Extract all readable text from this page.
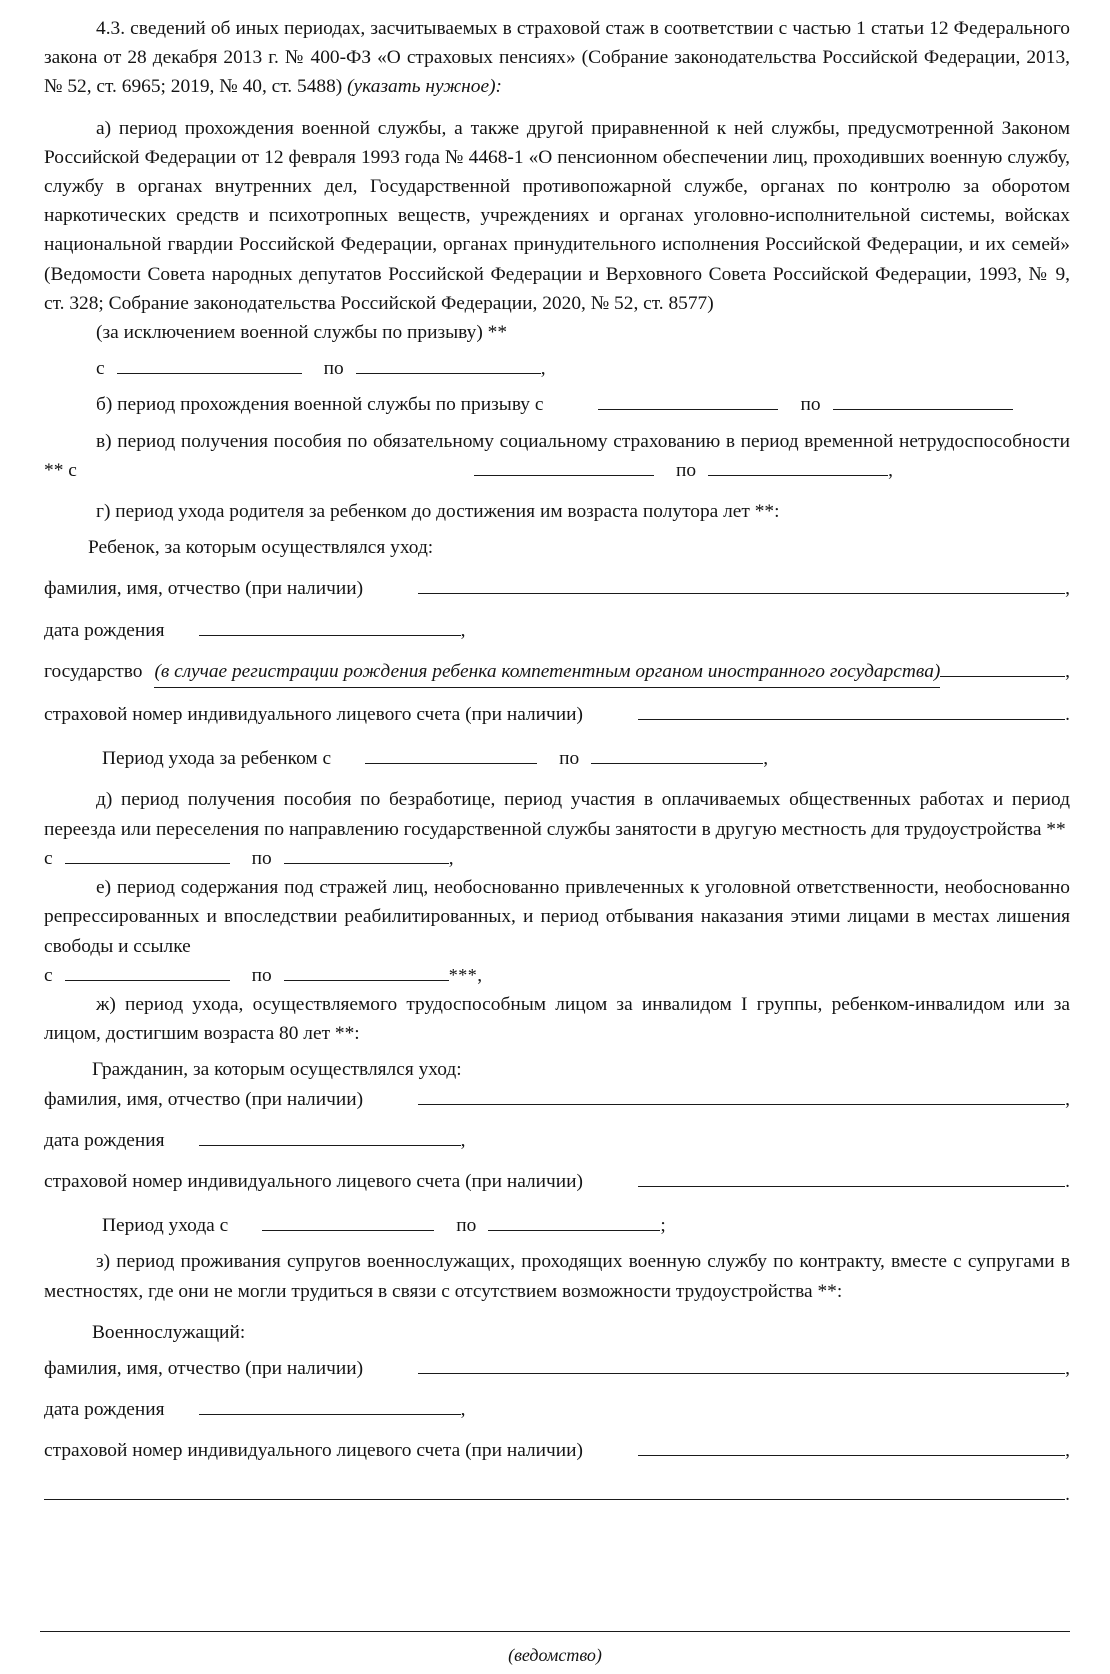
4.3. сведений об иных периодах, засчитываемых в страховой стаж в соответствии с частью 1 статьи 12 Федерального закона от 28 декабря 2013 г. № 400-ФЗ «О страховых пенсиях» (Собрание законодательства Российской Федерации, 2013, № 52, ст. 6965; 2019, № 40, ст. 5488) (указать нужное):

а) период прохождения военной службы, а также другой приравненной к ней службы, предусмотренной Законом Российской Федерации от 12 февраля 1993 года № 4468-1 «О пенсионном обеспечении лиц, проходивших военную службу, службу в органах внутренних дел, Государственной противопожарной службе, органах по контролю за оборотом наркотических средств и психотропных веществ, учреждениях и органах уголовно-исполнительной системы, войсках национальной гвардии Российской Федерации, органах принудительного исполнения Российской Федерации, и их семей» (Ведомости Совета народных депутатов Российской Федерации и Верховного Совета Российской Федерации, 1993, № 9, ст. 328; Собрание законодательства Российской Федерации, 2020, № 52, ст. 8577)

(за исключением военной службы по призыву) **

с	по	,
б) период прохождения военной службы по призыву с	по

в) период получения пособия по обязательному социальному страхованию в период временной нетрудоспособности ** с	по	,

г) период ухода родителя за ребенком до достижения им возраста полутора лет **:

Ребенок, за которым осуществлялся уход:

фамилия, имя, отчество (при наличии)	,
дата рождения	,
государство (в случае регистрации рождения ребенка компетентным органом иностранного государства)	,
страховой номер индивидуального лицевого счета (при наличии)	.
Период ухода за ребенком с	по	,

д) период получения пособия по безработице, период участия в оплачиваемых общественных работах и период переезда или переселения по направлению государственной службы занятости в другую местность для трудоустройства **

с	по	,

е) период содержания под стражей лиц, необоснованно привлеченных к уголовной ответственности, необоснованно репрессированных и впоследствии реабилитированных, и период отбывания наказания этими лицами в местах лишения свободы и ссылке

с	по	*** ,

ж) период ухода, осуществляемого трудоспособным лицом за инвалидом I группы, ребенком-инвалидом или за лицом, достигшим возраста 80 лет **:

Гражданин, за которым осуществлялся уход:

фамилия, имя, отчество (при наличии)	,
дата рождения	,
страховой номер индивидуального лицевого счета (при наличии)	.
Период ухода с	по	;

з) период проживания супругов военнослужащих, проходящих военную службу по контракту, вместе с супругами в местностях, где они не могли трудиться в связи с отсутствием возможности трудоустройства **:

Военнослужащий:

фамилия, имя, отчество (при наличии)	,
дата рождения	,
страховой номер индивидуального лицевого счета (при наличии)	,
.
(ведомство)
